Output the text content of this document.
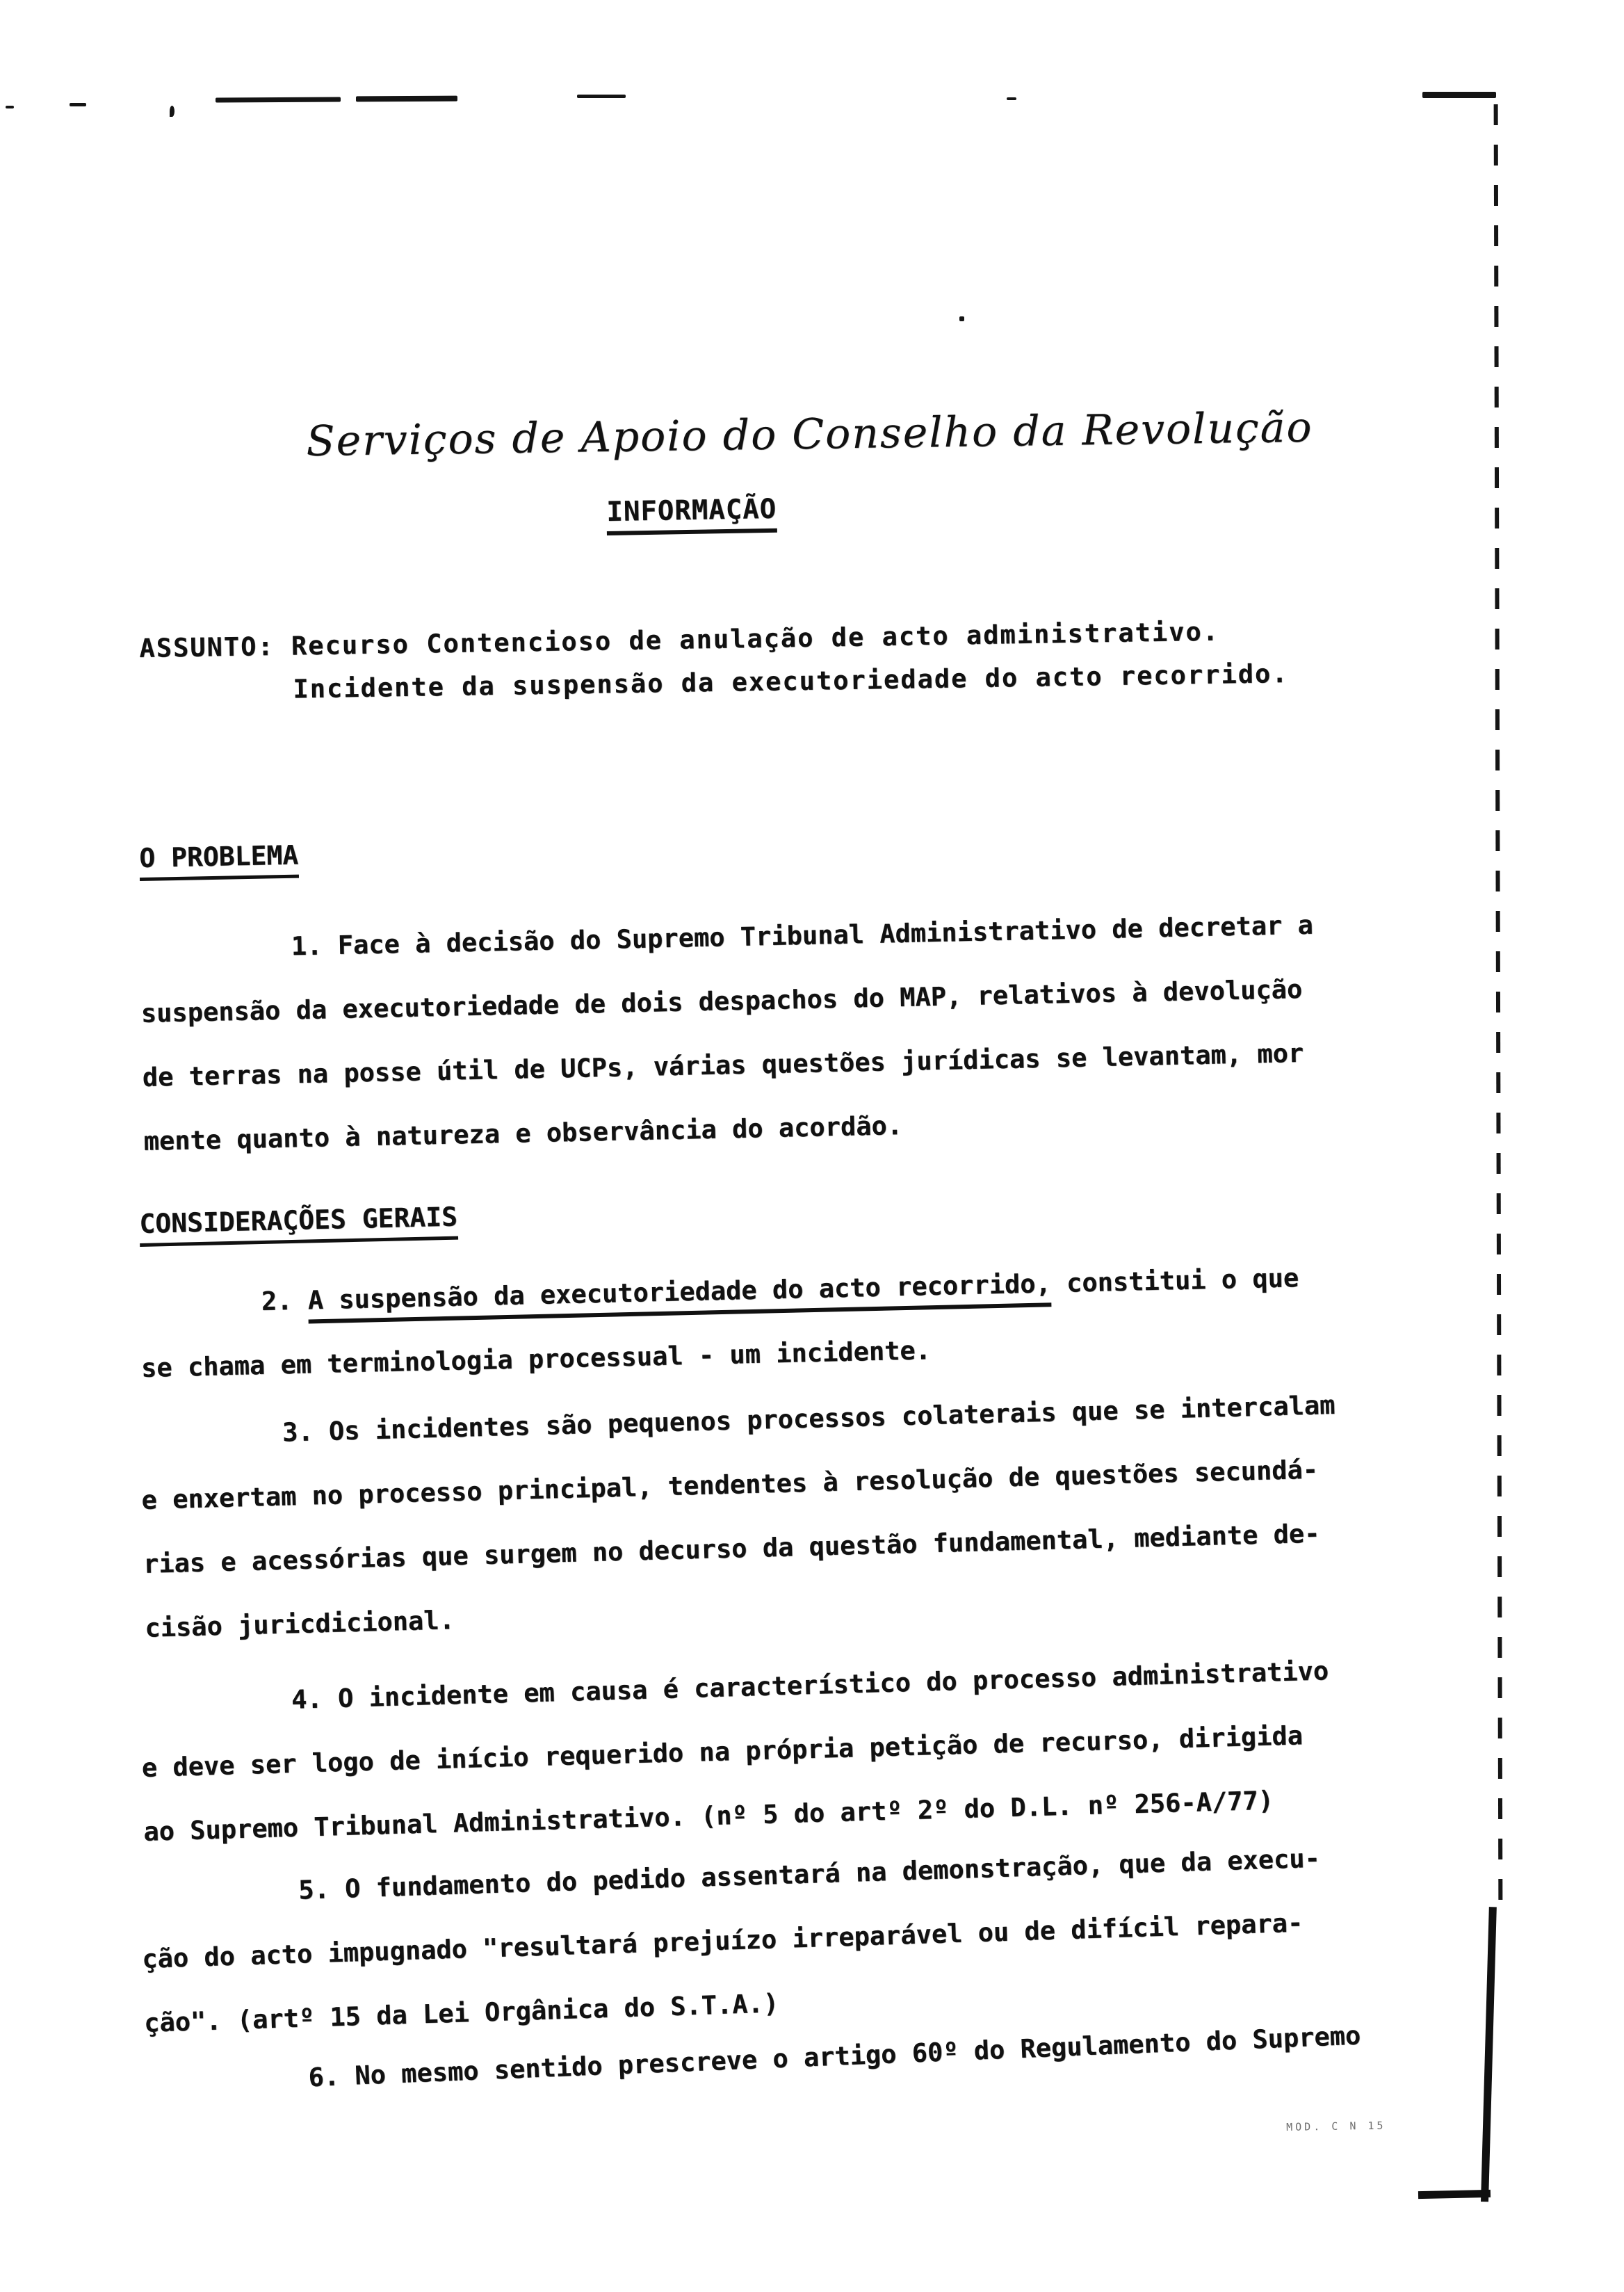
Serviços de Apoio do Conselho da Revolução
INFORMAÇÃO
ASSUNTO: Recurso Contencioso de anulação de acto administrativo.
Incidente da suspensão da executoriedade do acto recorrido.
O PROBLEMA
1. Face à decisão do Supremo Tribunal Administrativo de decretar a
suspensão da executoriedade de dois despachos do MAP, relativos à devolução
de terras na posse útil de UCPs, várias questões jurídicas se levantam, mor
mente quanto à natureza e observância do acordão.
CONSIDERAÇÕES GERAIS
2. A suspensão da executoriedade do acto recorrido, constitui o que
se chama em terminologia processual - um incidente.
3. Os incidentes são pequenos processos colaterais que se intercalam
e enxertam no processo principal, tendentes à resolução de questões secundá-
rias e acessórias que surgem no decurso da questão fundamental, mediante de-
cisão juricdicional.
4. O incidente em causa é característico do processo administrativo
e deve ser logo de início requerido na própria petição de recurso, dirigida
ao Supremo Tribunal Administrativo. (nº 5 do artº 2º do D.L. nº 256-A/77)
5. O fundamento do pedido assentará na demonstração, que da execu-
ção do acto impugnado "resultará prejuízo irreparável ou de difícil repara-
ção". (artº 15 da Lei Orgânica do S.T.A.)
6. No mesmo sentido prescreve o artigo 60º do Regulamento do Supremo
MOD. C N 15
